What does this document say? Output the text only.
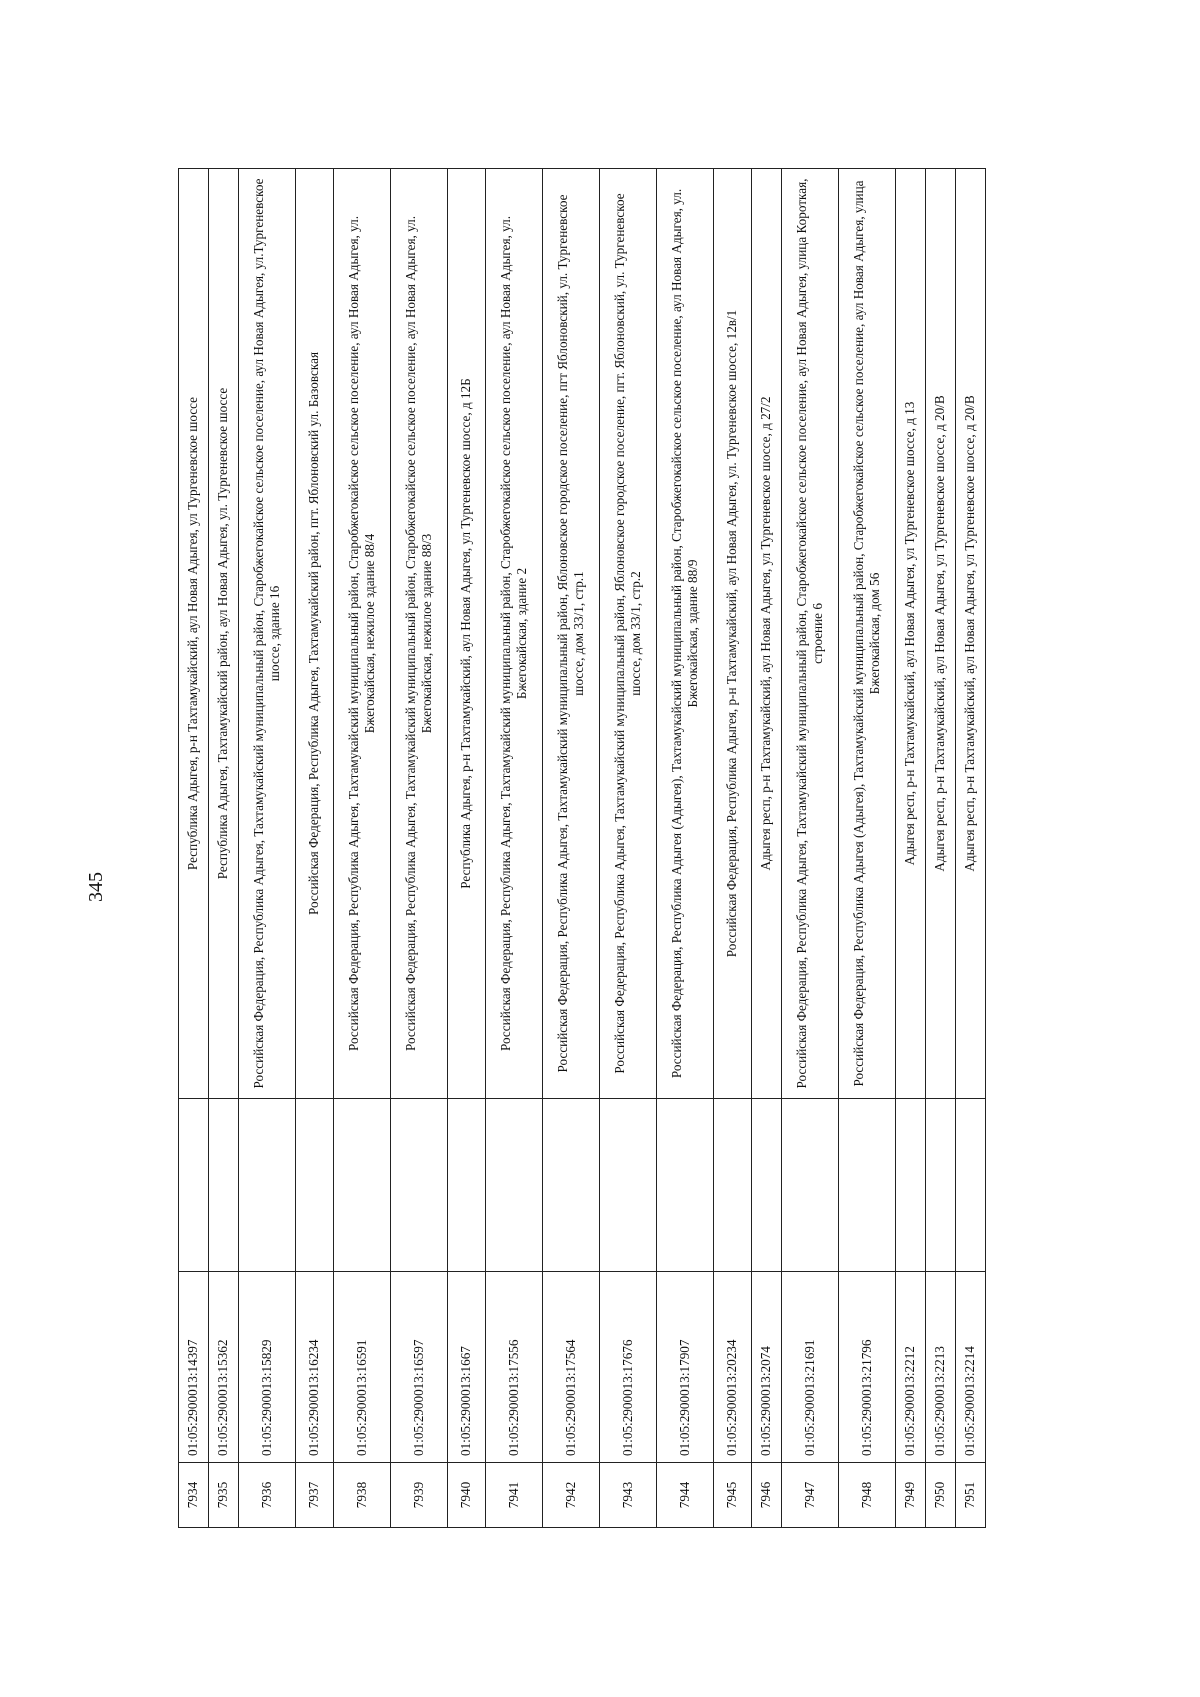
345
7934	01:05:2900013:14397		Республика Адыгея, р-н Тахтамукайский, аул Новая Адыгея, ул Тургеневское шоссе
7935	01:05:2900013:15362		Республика Адыгея, Тахтамукайский район, аул Новая Адыгея, ул. Тургеневское шоссе
7936	01:05:2900013:15829		Российская Федерация, Республика Адыгея, Тахтамукайский муниципальный район, Старобжегокайское сельское поселение, аул Новая Адыгея, ул.Тургеневское шоссе, здание 16
7937	01:05:2900013:16234		Российская Федерация, Республика Адыгея, Тахтамукайский район, пгт. Яблоновский ул. Базовская
7938	01:05:2900013:16591		Российская Федерация, Республика Адыгея, Тахтамукайский муниципальный район, Старобжегокайское сельское поселение, аул Новая Адыгея, ул. Бжегокайская, нежилое здание 88/4
7939	01:05:2900013:16597		Российская Федерация, Республика Адыгея, Тахтамукайский муниципальный район, Старобжегокайское сельское поселение, аул Новая Адыгея, ул. Бжегокайская, нежилое здание 88/3
7940	01:05:2900013:1667		Республика Адыгея, р-н Тахтамукайский, аул Новая Адыгея, ул Тургеневское шоссе, д 12Б
7941	01:05:2900013:17556		Российская Федерация, Республика Адыгея, Тахтамукайский муниципальный район, Старобжегокайское сельское поселение, аул Новая Адыгея, ул. Бжегокайская, здание 2
7942	01:05:2900013:17564		Российская Федерация, Республика Адыгея, Тахтамукайский муниципальный район, Яблоновское городское поселение, пгт Яблоновский, ул. Тургеневское шоссе, дом 33/1, стр.1
7943	01:05:2900013:17676		Российская Федерация, Республика Адыгея, Тахтамукайский муниципальный район, Яблоновское городское поселение, пгт. Яблоновский, ул. Тургеневское шоссе, дом 33/1, стр.2
7944	01:05:2900013:17907		Российская Федерация, Республика Адыгея (Адыгея), Тахтамукайский муниципальный район, Старобжегокайское сельское поселение, аул Новая Адыгея, ул. Бжегокайская, здание 88/9
7945	01:05:2900013:20234		Российская Федерация, Республика Адыгея, р-н Тахтамукайский, аул Новая Адыгея, ул. Тургеневское шоссе, 12в/1
7946	01:05:2900013:2074		Адыгея респ, р-н Тахтамукайский, аул Новая Адыгея, ул Тургеневское шоссе, д 27/2
7947	01:05:2900013:21691		Российская Федерация, Республика Адыгея, Тахтамукайский муниципальный район, Старобжегокайское сельское поселение, аул Новая Адыгея, улица Короткая, строение 6
7948	01:05:2900013:21796		Российская Федерация, Республика Адыгея (Адыгея), Тахтамукайский муниципальный район, Старобжегокайское сельское поселение, аул Новая Адыгея, улица Бжегокайская, дом 56
7949	01:05:2900013:2212		Адыгея респ, р-н Тахтамукайский, аул Новая Адыгея, ул Тургеневское шоссе, д 13
7950	01:05:2900013:2213		Адыгея респ, р-н Тахтамукайский, аул Новая Адыгея, ул Тургеневское шоссе, д 20/В
7951	01:05:2900013:2214		Адыгея респ, р-н Тахтамукайский, аул Новая Адыгея, ул Тургеневское шоссе, д 20/В
